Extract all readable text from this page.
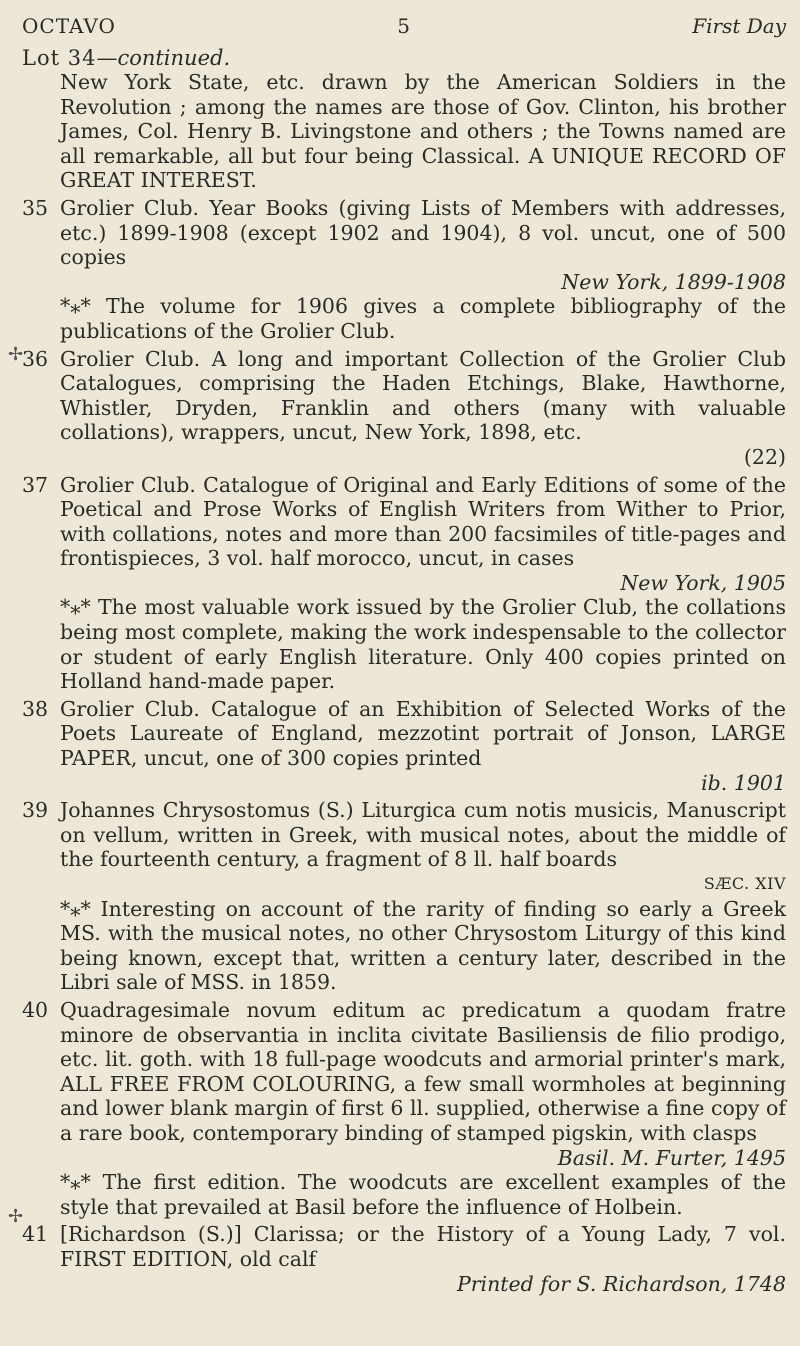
OCTAVO	5	First Day
Lot 34—continued.
New York State, etc. drawn by the American Soldiers in the Revolution ; among the names are those of Gov. Clinton, his brother James, Col. Henry B. Livingstone and others ; the Towns named are all remarkable, all but four being Classical. A UNIQUE RECORD OF GREAT INTEREST.
35 Grolier Club. Year Books (giving Lists of Members with addresses, etc.) 1899-1908 (except 1902 and 1904), 8 vol. uncut, one of 500 copies
New York, 1899-1908
*⁎* The volume for 1906 gives a complete bibliography of the publications of the Grolier Club.
36 Grolier Club. A long and important Collection of the Grolier Club Catalogues, comprising the Haden Etchings, Blake, Hawthorne, Whistler, Dryden, Franklin and others (many with valuable collations), wrappers, uncut, New York, 1898, etc.
(22)
37 Grolier Club. Catalogue of Original and Early Editions of some of the Poetical and Prose Works of English Writers from Wither to Prior, with collations, notes and more than 200 facsimiles of title-pages and frontispieces, 3 vol. half morocco, uncut, in cases
New York, 1905
*⁎* The most valuable work issued by the Grolier Club, the collations being most complete, making the work indespensable to the collector or student of early English literature. Only 400 copies printed on Holland hand-made paper.
38 Grolier Club. Catalogue of an Exhibition of Selected Works of the Poets Laureate of England, mezzotint portrait of Jonson, LARGE PAPER, uncut, one of 300 copies printed
ib. 1901
39 Johannes Chrysostomus (S.) Liturgica cum notis musicis, Manuscript on vellum, written in Greek, with musical notes, about the middle of the fourteenth century, a fragment of 8 ll. half boards
SÆC. XIV
*⁎* Interesting on account of the rarity of finding so early a Greek MS. with the musical notes, no other Chrysostom Liturgy of this kind being known, except that, written a century later, described in the Libri sale of MSS. in 1859.
40 Quadragesimale novum editum ac predicatum a quodam fratre minore de observantia in inclita civitate Basiliensis de filio prodigo, etc. lit. goth. with 18 full-page woodcuts and armorial printer's mark, ALL FREE FROM COLOURING, a few small wormholes at beginning and lower blank margin of first 6 ll. supplied, otherwise a fine copy of a rare book, contemporary binding of stamped pigskin, with clasps
Basil. M. Furter, 1495
*⁎* The first edition. The woodcuts are excellent examples of the style that prevailed at Basil before the influence of Holbein.
41 [Richardson (S.)] Clarissa; or the History of a Young Lady, 7 vol. FIRST EDITION, old calf
Printed for S. Richardson, 1748
✢
✢
